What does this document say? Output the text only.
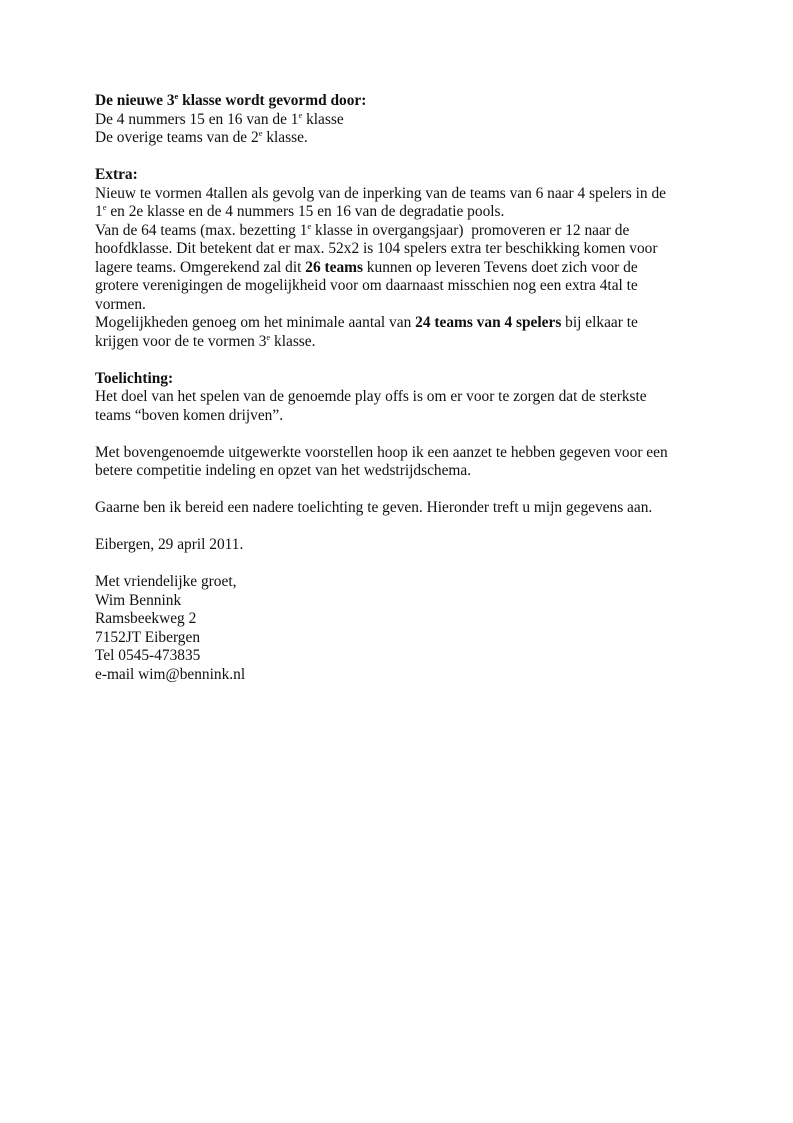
De nieuwe 3e klasse wordt gevormd door:
De 4 nummers 15 en 16 van de 1e klasse
De overige teams van de 2e klasse.
Extra:
Nieuw te vormen 4tallen als gevolg van de inperking van de teams van 6 naar 4 spelers in de
1e en 2e klasse en de 4 nummers 15 en 16 van de degradatie pools.
Van de 64 teams (max. bezetting 1e klasse in overgangsjaar)  promoveren er 12 naar de
hoofdklasse. Dit betekent dat er max. 52x2 is 104 spelers extra ter beschikking komen voor
lagere teams. Omgerekend zal dit 26 teams kunnen op leveren Tevens doet zich voor de
grotere verenigingen de mogelijkheid voor om daarnaast misschien nog een extra 4tal te
vormen.
Mogelijkheden genoeg om het minimale aantal van 24 teams van 4 spelers bij elkaar te
krijgen voor de te vormen 3e klasse.
Toelichting:
Het doel van het spelen van de genoemde play offs is om er voor te zorgen dat de sterkste
teams “boven komen drijven”.
Met bovengenoemde uitgewerkte voorstellen hoop ik een aanzet te hebben gegeven voor een
betere competitie indeling en opzet van het wedstrijdschema.
Gaarne ben ik bereid een nadere toelichting te geven. Hieronder treft u mijn gegevens aan.
Eibergen, 29 april 2011.
Met vriendelijke groet,
Wim Bennink
Ramsbeekweg 2
7152JT Eibergen
Tel 0545-473835
e-mail wim@bennink.nl
